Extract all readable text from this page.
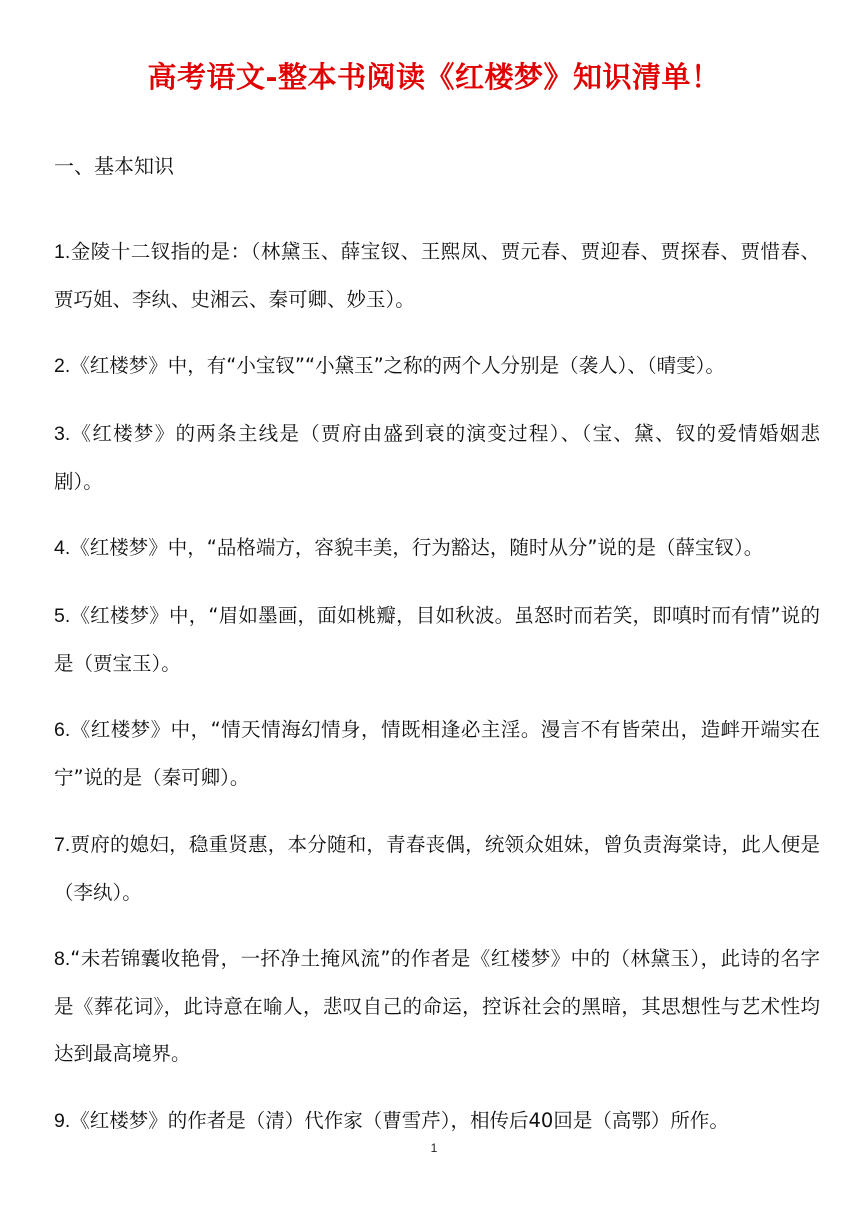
高考语文-整本书阅读《红楼梦》知识清单！
一、基本知识

1.金陵十二钗指的是：（林黛玉、薛宝钗、王熙凤、贾元春、贾迎春、贾探春、贾惜春、贾巧姐、李纨、史湘云、秦可卿、妙玉）。

2.《红楼梦》中，有“小宝钗”“小黛玉”之称的两个人分别是（袭人）、（晴雯）。

3.《红楼梦》的两条主线是（贾府由盛到衰的演变过程）、（宝、黛、钗的爱情婚姻悲剧）。

4.《红楼梦》中，“品格端方，容貌丰美，行为豁达，随时从分”说的是（薛宝钗）。

5.《红楼梦》中，“眉如墨画，面如桃瓣，目如秋波。虽怒时而若笑，即嗔时而有情”说的是（贾宝玉）。

6.《红楼梦》中，“情天情海幻情身，情既相逢必主淫。漫言不有皆荣出，造衅开端实在宁”说的是（秦可卿）。

7.贾府的媳妇，稳重贤惠，本分随和，青春丧偶，统领众姐妹，曾负责海棠诗，此人便是（李纨）。

8.“未若锦囊收艳骨，一抔净土掩风流”的作者是《红楼梦》中的（林黛玉），此诗的名字是《葬花词》，此诗意在喻人，悲叹自己的命运，控诉社会的黑暗，其思想性与艺术性均达到最高境界。

9.《红楼梦》的作者是（清）代作家（曹雪芹），相传后40回是（高鄂）所作。

1
